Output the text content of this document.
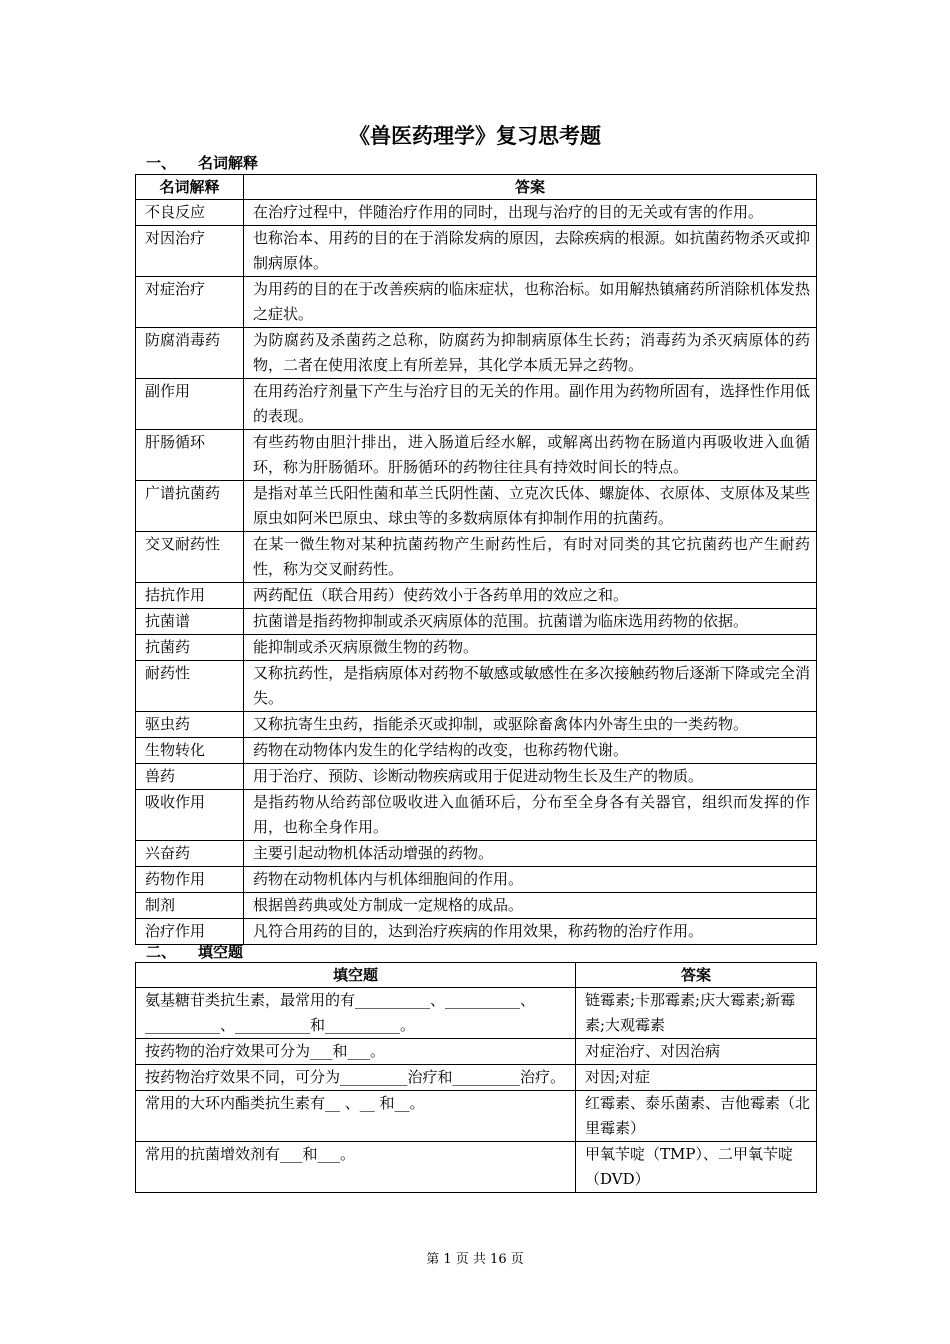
《兽医药理学》复习思考题
一、 名词解释
名词解释	答案
不良反应	在治疗过程中，伴随治疗作用的同时，出现与治疗的目的无关或有害的作用。
对因治疗	也称治本、用药的目的在于消除发病的原因，去除疾病的根源。如抗菌药物杀灭或抑制病原体。
对症治疗	为用药的目的在于改善疾病的临床症状，也称治标。如用解热镇痛药所消除机体发热之症状。
防腐消毒药	为防腐药及杀菌药之总称，防腐药为抑制病原体生长药；消毒药为杀灭病原体的药物，二者在使用浓度上有所差异，其化学本质无异之药物。
副作用	在用药治疗剂量下产生与治疗目的无关的作用。副作用为药物所固有，选择性作用低的表现。
肝肠循环	有些药物由胆汁排出，进入肠道后经水解，或解离出药物在肠道内再吸收进入血循环，称为肝肠循环。肝肠循环的药物往往具有持效时间长的特点。
广谱抗菌药	是指对革兰氏阳性菌和革兰氏阴性菌、立克次氏体、螺旋体、衣原体、支原体及某些原虫如阿米巴原虫、球虫等的多数病原体有抑制作用的抗菌药。
交叉耐药性	在某一微生物对某种抗菌药物产生耐药性后，有时对同类的其它抗菌药也产生耐药性，称为交叉耐药性。
拮抗作用	两药配伍（联合用药）使药效小于各药单用的效应之和。
抗菌谱	抗菌谱是指药物抑制或杀灭病原体的范围。抗菌谱为临床选用药物的依据。
抗菌药	能抑制或杀灭病原微生物的药物。
耐药性	又称抗药性，是指病原体对药物不敏感或敏感性在多次接触药物后逐渐下降或完全消失。
驱虫药	又称抗寄生虫药，指能杀灭或抑制，或驱除畜禽体内外寄生虫的一类药物。
生物转化	药物在动物体内发生的化学结构的改变，也称药物代谢。
兽药	用于治疗、预防、诊断动物疾病或用于促进动物生长及生产的物质。
吸收作用	是指药物从给药部位吸收进入血循环后，分布至全身各有关器官，组织而发挥的作用，也称全身作用。
兴奋药	主要引起动物机体活动增强的药物。
药物作用	药物在动物机体内与机体细胞间的作用。
制剂	根据兽药典或处方制成一定规格的成品。
治疗作用	凡符合用药的目的，达到治疗疾病的作用效果，称药物的治疗作用。
二、 填空题
填空题	答案
氨基糖苷类抗生素，最常用的有__________、__________、__________、__________和__________。	链霉素;卡那霉素;庆大霉素;新霉素;大观霉素
按药物的治疗效果可分为___和___。	对症治疗、对因治病
按药物治疗效果不同，可分为_________治疗和_________治疗。	对因;对症
常用的大环内酯类抗生素有__ 、__ 和__。	红霉素、泰乐菌素、吉他霉素（北里霉素）
常用的抗菌增效剂有___和___。	甲氧苄啶（TMP）、二甲氧苄啶（DVD）
第 1 页 共 16 页
